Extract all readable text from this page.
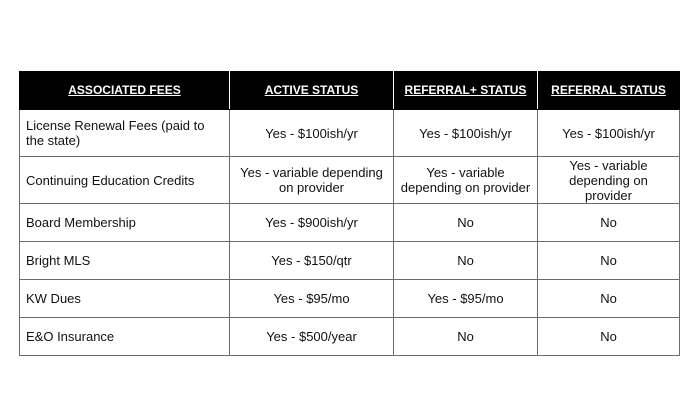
ASSOCIATED FEES	ACTIVE STATUS	REFERRAL+ STATUS	REFERRAL STATUS
License Renewal Fees (paid to the state)	Yes - $100ish/yr	Yes - $100ish/yr	Yes - $100ish/yr
Continuing Education Credits	Yes - variable depending on provider	Yes - variable depending on provider	Yes - variable depending on provider
Board Membership	Yes - $900ish/yr	No	No
Bright MLS	Yes - $150/qtr	No	No
KW Dues	Yes - $95/mo	Yes - $95/mo	No
E&O Insurance	Yes - $500/year	No	No
